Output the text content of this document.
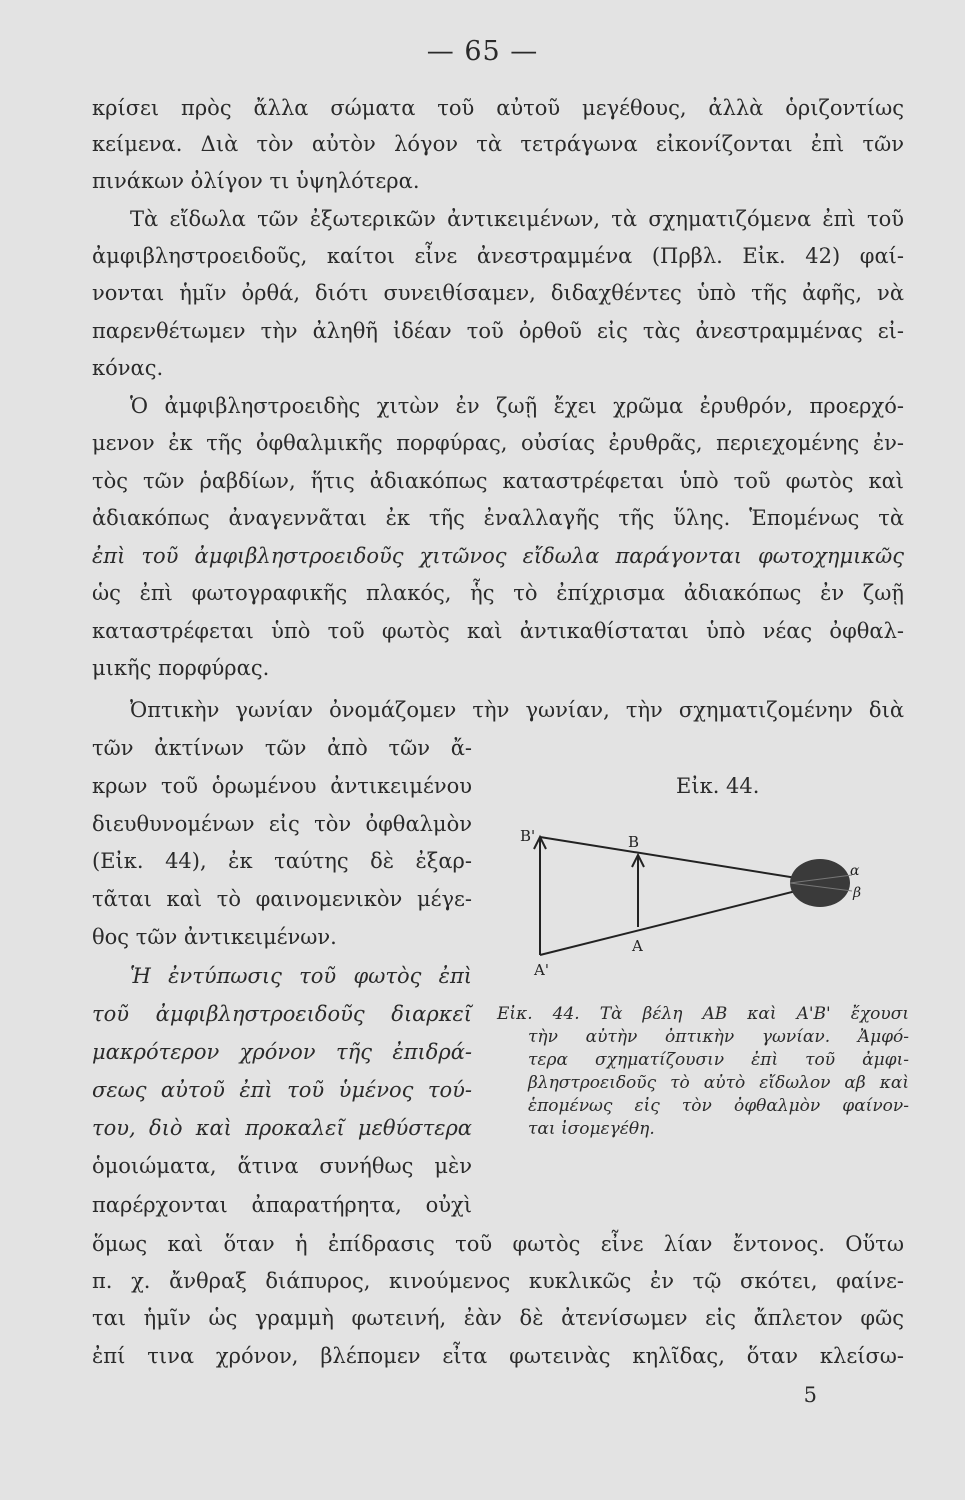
— 65 —
κρίσει πρὸς ἄλλα σώματα τοῦ αὐτοῦ μεγέθους, ἀλλὰ ὁριζοντίως
κείμενα. Διὰ τὸν αὐτὸν λόγον τὰ τετράγωνα εἰκονίζονται ἐπὶ τῶν
πινάκων ὀλίγον τι ὑψηλότερα.
Τὰ εἴδωλα τῶν ἐξωτερικῶν ἀντικειμένων, τὰ σχηματιζόμενα ἐπὶ τοῦ
ἀμφιβληστροειδοῦς, καίτοι εἶνε ἀνεστραμμένα (Πρβλ. Εἰκ. 42) φαί-
νονται ἡμῖν ὀρθά, διότι συνειθίσαμεν, διδαχθέντες ὑπὸ τῆς ἀφῆς, νὰ
παρενθέτωμεν τὴν ἀληθῆ ἰδέαν τοῦ ὀρθοῦ εἰς τὰς ἀνεστραμμένας εἰ-
κόνας.
Ὁ ἀμφιβληστροειδὴς χιτὼν ἐν ζωῇ ἔχει χρῶμα ἐρυθρόν, προερχό-
μενον ἐκ τῆς ὀφθαλμικῆς πορφύρας, οὐσίας ἐρυθρᾶς, περιεχομένης ἐν-
τὸς τῶν ῥαβδίων, ἥτις ἀδιακόπως καταστρέφεται ὑπὸ τοῦ φωτὸς καὶ
ἀδιακόπως ἀναγεννᾶται ἐκ τῆς ἐναλλαγῆς τῆς ὕλης. Ἑπομένως τὰ
ἐπὶ τοῦ ἀμφιβληστροειδοῦς χιτῶνος εἴδωλα παράγονται φωτοχημικῶς
ὡς ἐπὶ φωτογραφικῆς πλακός, ἧς τὸ ἐπίχρισμα ἀδιακόπως ἐν ζωῇ
καταστρέφεται ὑπὸ τοῦ φωτὸς καὶ ἀντικαθίσταται ὑπὸ νέας ὀφθαλ-
μικῆς πορφύρας.
Ὀπτικὴν γωνίαν ὀνομάζομεν τὴν γωνίαν, τὴν σχηματιζομένην διὰ
τῶν ἀκτίνων τῶν ἀπὸ τῶν ἄ-
κρων τοῦ ὁρωμένου ἀντικειμένου
διευθυνομένων εἰς τὸν ὀφθαλμὸν
(Εἰκ. 44), ἐκ ταύτης δὲ ἐξαρ-
τᾶται καὶ τὸ φαινομενικὸν μέγε-
θος τῶν ἀντικειμένων.
Ἡ ἐντύπωσις τοῦ φωτὸς ἐπὶ
τοῦ ἀμφιβληστροειδοῦς διαρκεῖ
μακρότερον χρόνον τῆς ἐπιδρά-
σεως αὐτοῦ ἐπὶ τοῦ ὑμένος τού-
του, διὸ καὶ προκαλεῖ μεθύστερα
ὁμοιώματα, ἅτινα συνήθως μὲν
παρέρχονται ἀπαρατήρητα, οὐχὶ
ὅμως καὶ ὅταν ἡ ἐπίδρασις τοῦ φωτὸς εἶνε λίαν ἔντονος. Οὕτω
π. χ. ἄνθραξ διάπυρος, κινούμενος κυκλικῶς ἐν τῷ σκότει, φαίνε-
ται ἡμῖν ὡς γραμμὴ φωτεινή, ἐὰν δὲ ἀτενίσωμεν εἰς ἄπλετον φῶς
ἐπί τινα χρόνον, βλέπομεν εἶτα φωτεινὰς κηλῖδας, ὅταν κλείσω-
5
Εἰκ. 44.
B'	B
A
A'
α
β
Εἰκ. 44. Τὰ βέλη AB καὶ A'B' ἔχουσι
τὴν αὐτὴν ὀπτικὴν γωνίαν. Ἀμφό-
τερα σχηματίζουσιν ἐπὶ τοῦ ἀμφι-
βληστροειδοῦς τὸ αὐτὸ εἴδωλον αβ καὶ
ἑπομένως εἰς τὸν ὀφθαλμὸν φαίνον-
ται ἰσομεγέθη.
